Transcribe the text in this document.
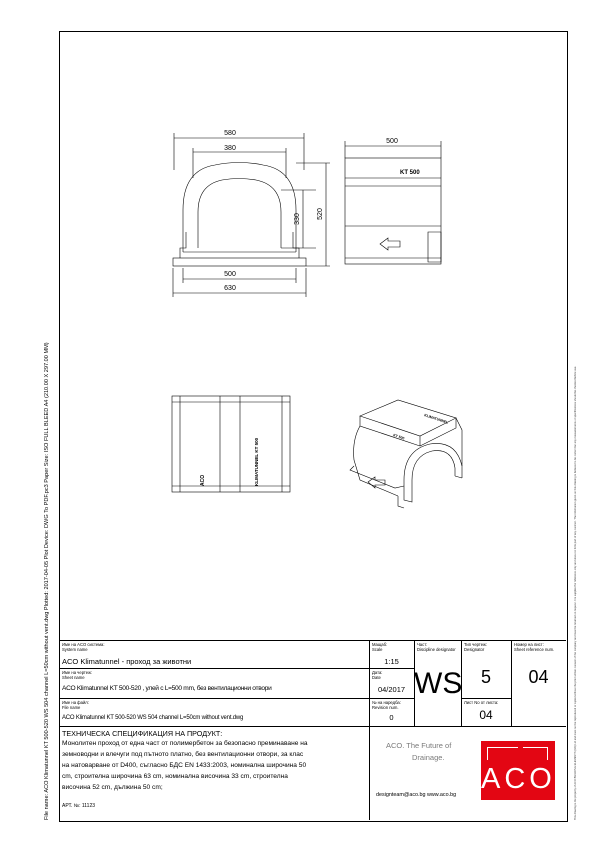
File name: ACO Klimatunnel KT 500-520 WS 504 channel L=50cm without vent.dwg Plotted: 2017-04-05 Plot Device: DWG To PDF.pc3 Paper Size: ISO FULL BLEED A4 (210.00 X 297.00 MM)	This drawing is the property of ACO BUILDING ELEMENTS (UK) Ltd and must not be reproduced or copied without the prior written consent of the company and must be returned on request. It is supplied for reference only and does not form part of any contract. The information given on this drawing is believed to be correct but any measurements or specifications should be checked before use.
580
380
330 520
500
630
500
KT 500
ACO	KLIMATUNNEL KT 500
KLIMATUNNEL
KT 500
Име на ACO система:
System name
ACO Klimatunnel - проход за животни
Мащаб:
Scale
1:15
Име на чертеж:
Sheet name
ACO Klimatunnel KT 500-520 , улей с L=500 mm, без вентилационни отвори
Дата:
Date
04/2017
Име на файл:
File name
ACO Klimatunnel KT 500-520 WS 504 channel L=50cm without vent.dwg
№ на наредба:
Revision num.
0
Част:
Discipline designator
WS
Тип чертеж:
Designator
5
Лист No от листа:
04
Номер на лист:
Sheet reference num.
04
ТЕХНИЧЕСКА СПЕЦИФИКАЦИЯ НА ПРОДУКТ:
Монолитен проход от една част от полимербетон за безопасно преминаване на
земноводни и влечуги под пътното платно, без вентилационни отвори, за клас
на натоварване от D400, съгласно БДС EN 1433:2003, номинална широчина 50
cm, строителна широчина 63 cm, номинална височина 33 cm, строителна
височина 52 cm, дължина 50 cm;
АРТ. №: 11123
ACO. The Future of
Drainage.
designteam@aco.bg www.aco.bg ACO
